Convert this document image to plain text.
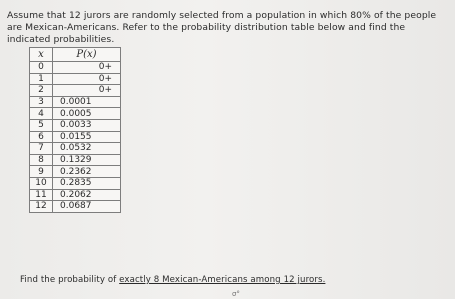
Assume that 12 jurors are randomly selected from a population in which 80% of the people are Mexican-Americans. Refer to the probability distribution table below and find the indicated probabilities.
x	P(x)
0	0+
1	0+
2	0+
3	0.0001
4	0.0005
5	0.0033
6	0.0155
7	0.0532
8	0.1329
9	0.2362
10	0.2835
11	0.2062
12	0.0687
Find the probability of exactly 8 Mexican-Americans among 12 jurors.
σ°
